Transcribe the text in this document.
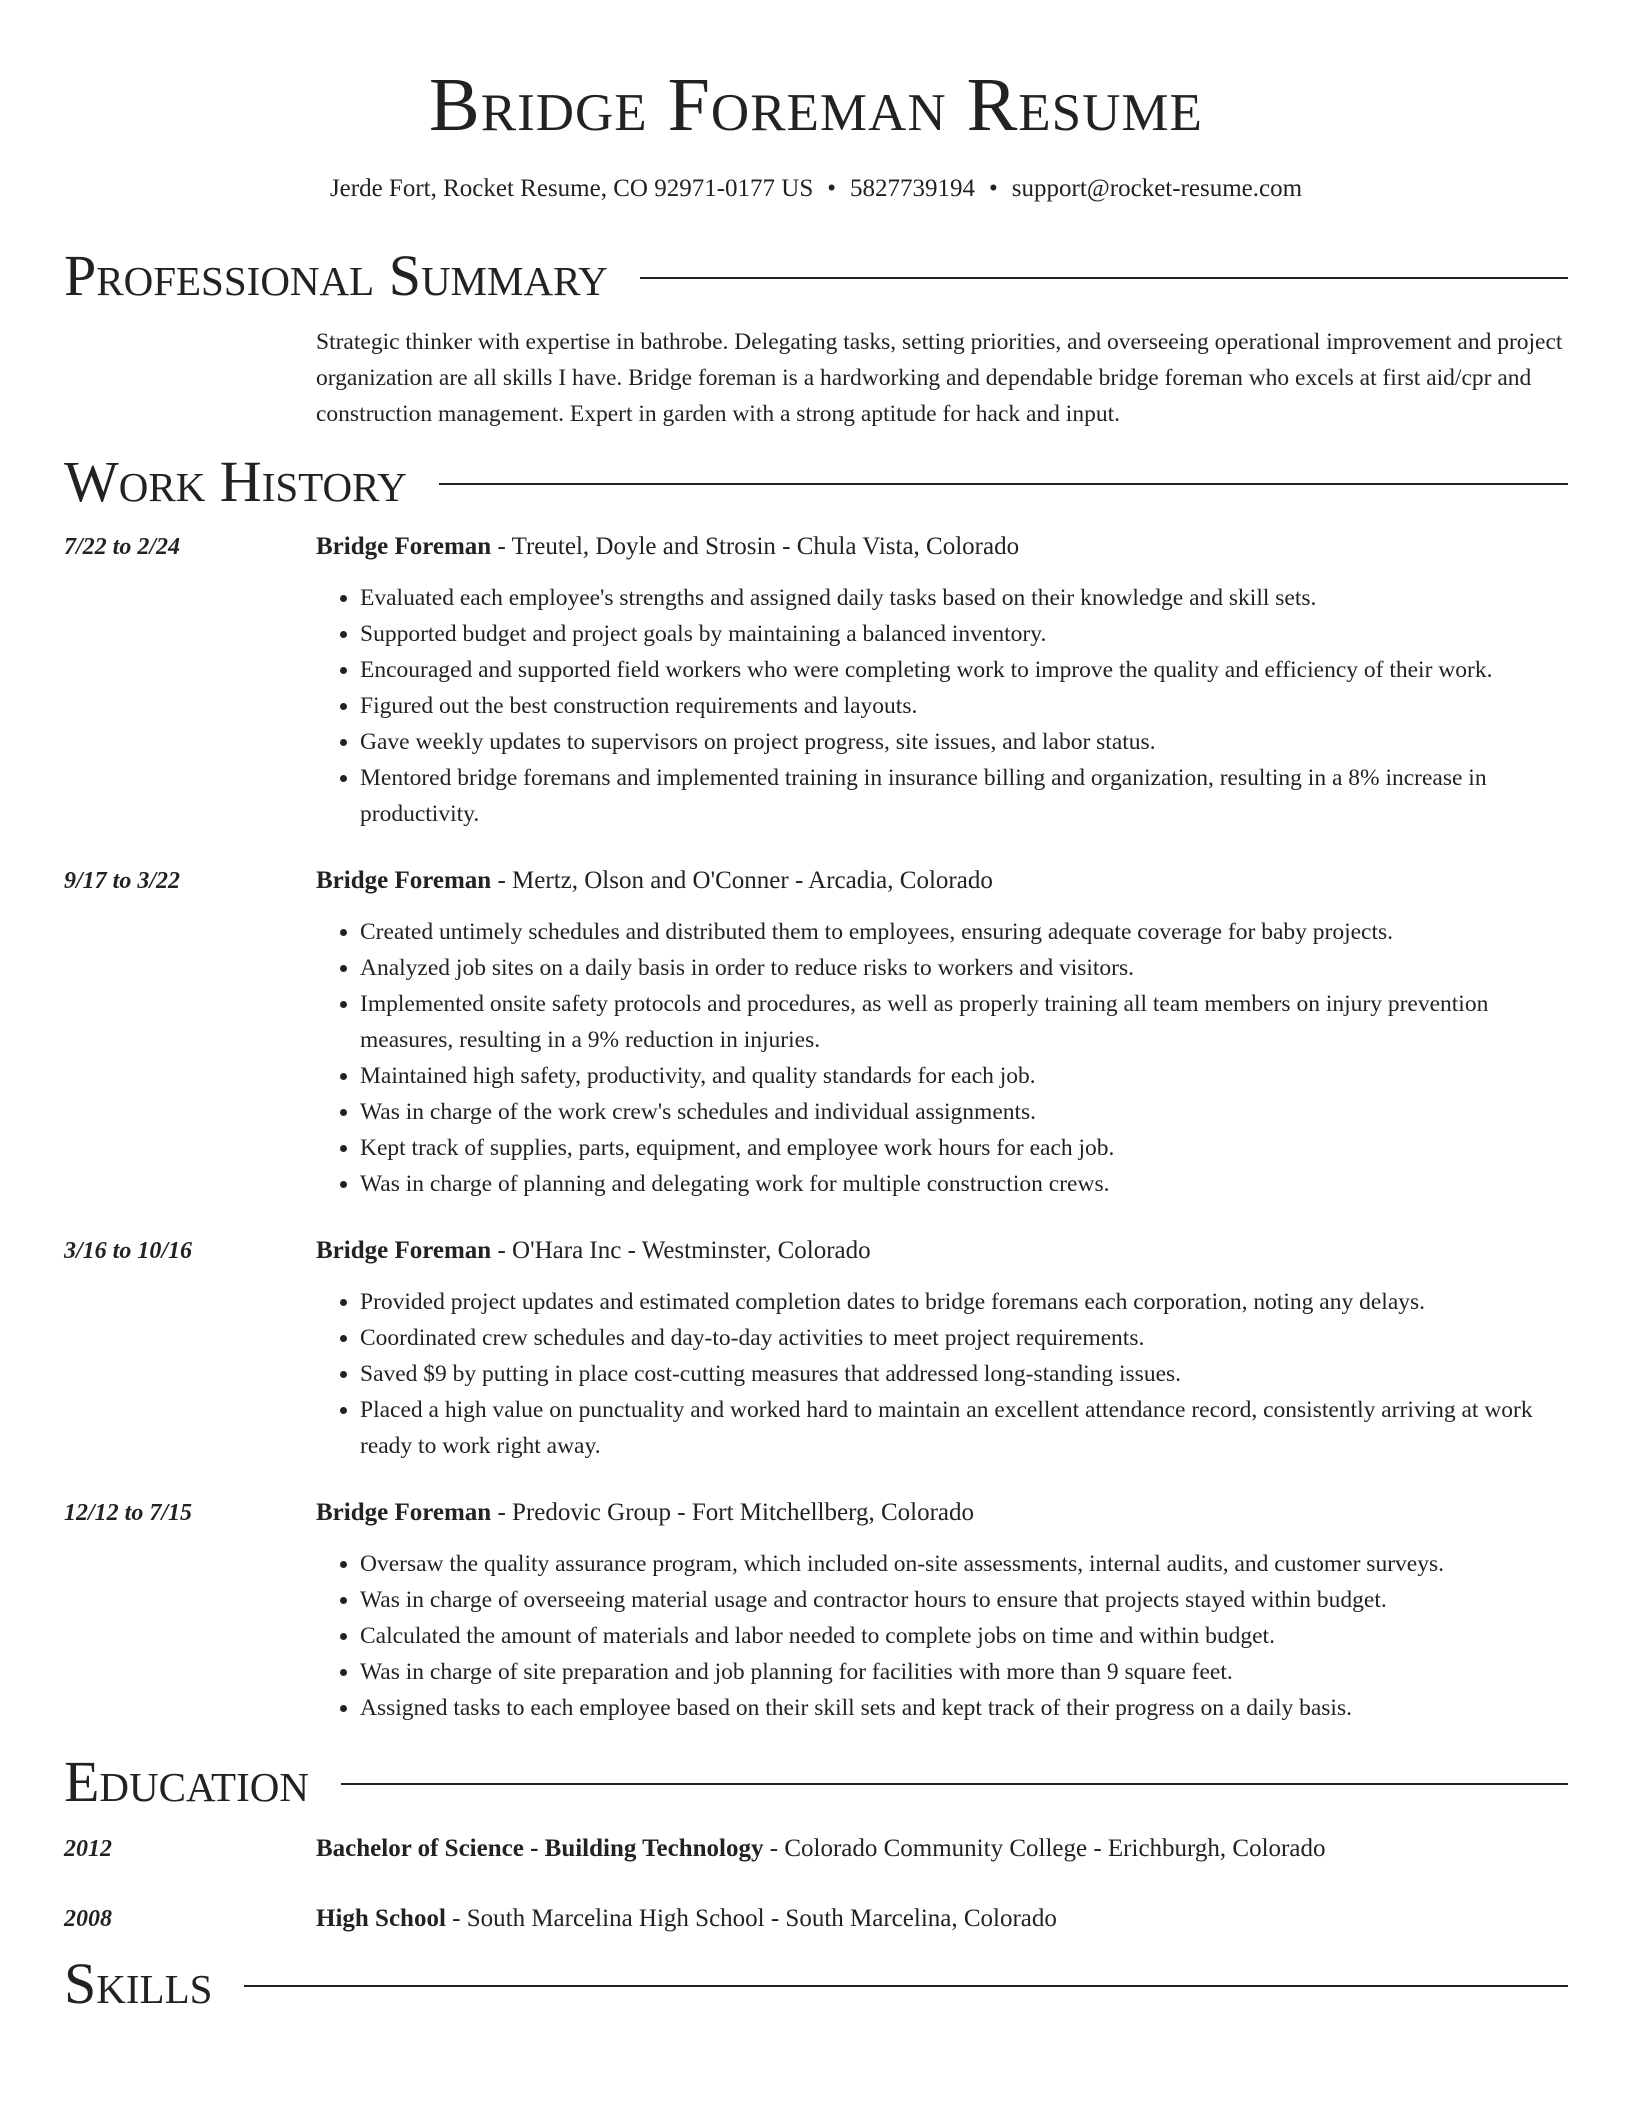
Bridge Foreman Resume
Jerde Fort, Rocket Resume, CO 92971-0177 US • 5827739194 • support@rocket-resume.com
Professional Summary

Strategic thinker with expertise in bathrobe. Delegating tasks, setting priorities, and overseeing operational improvement and project organization are all skills I have. Bridge foreman is a hardworking and dependable bridge foreman who excels at first aid/cpr and construction management. Expert in garden with a strong aptitude for hack and input.

Work History
7/22 to 2/24	Bridge Foreman - Treutel, Doyle and Strosin - Chula Vista, Colorado
• Evaluated each employee's strengths and assigned daily tasks based on their knowledge and skill sets.
• Supported budget and project goals by maintaining a balanced inventory.
• Encouraged and supported field workers who were completing work to improve the quality and efficiency of their work.
• Figured out the best construction requirements and layouts.
• Gave weekly updates to supervisors on project progress, site issues, and labor status.
• Mentored bridge foremans and implemented training in insurance billing and organization, resulting in a 8% increase in productivity.
9/17 to 3/22	Bridge Foreman - Mertz, Olson and O'Conner - Arcadia, Colorado
• Created untimely schedules and distributed them to employees, ensuring adequate coverage for baby projects.
• Analyzed job sites on a daily basis in order to reduce risks to workers and visitors.
• Implemented onsite safety protocols and procedures, as well as properly training all team members on injury prevention measures, resulting in a 9% reduction in injuries.
• Maintained high safety, productivity, and quality standards for each job.
• Was in charge of the work crew's schedules and individual assignments.
• Kept track of supplies, parts, equipment, and employee work hours for each job.
• Was in charge of planning and delegating work for multiple construction crews.
3/16 to 10/16	Bridge Foreman - O'Hara Inc - Westminster, Colorado
• Provided project updates and estimated completion dates to bridge foremans each corporation, noting any delays.
• Coordinated crew schedules and day-to-day activities to meet project requirements.
• Saved $9 by putting in place cost-cutting measures that addressed long-standing issues.
• Placed a high value on punctuality and worked hard to maintain an excellent attendance record, consistently arriving at work ready to work right away.
12/12 to 7/15	Bridge Foreman - Predovic Group - Fort Mitchellberg, Colorado
• Oversaw the quality assurance program, which included on-site assessments, internal audits, and customer surveys.
• Was in charge of overseeing material usage and contractor hours to ensure that projects stayed within budget.
• Calculated the amount of materials and labor needed to complete jobs on time and within budget.
• Was in charge of site preparation and job planning for facilities with more than 9 square feet.
• Assigned tasks to each employee based on their skill sets and kept track of their progress on a daily basis.
Education
2012	Bachelor of Science - Building Technology - Colorado Community College - Erichburgh, Colorado
2008	High School - South Marcelina High School - South Marcelina, Colorado
Skills
